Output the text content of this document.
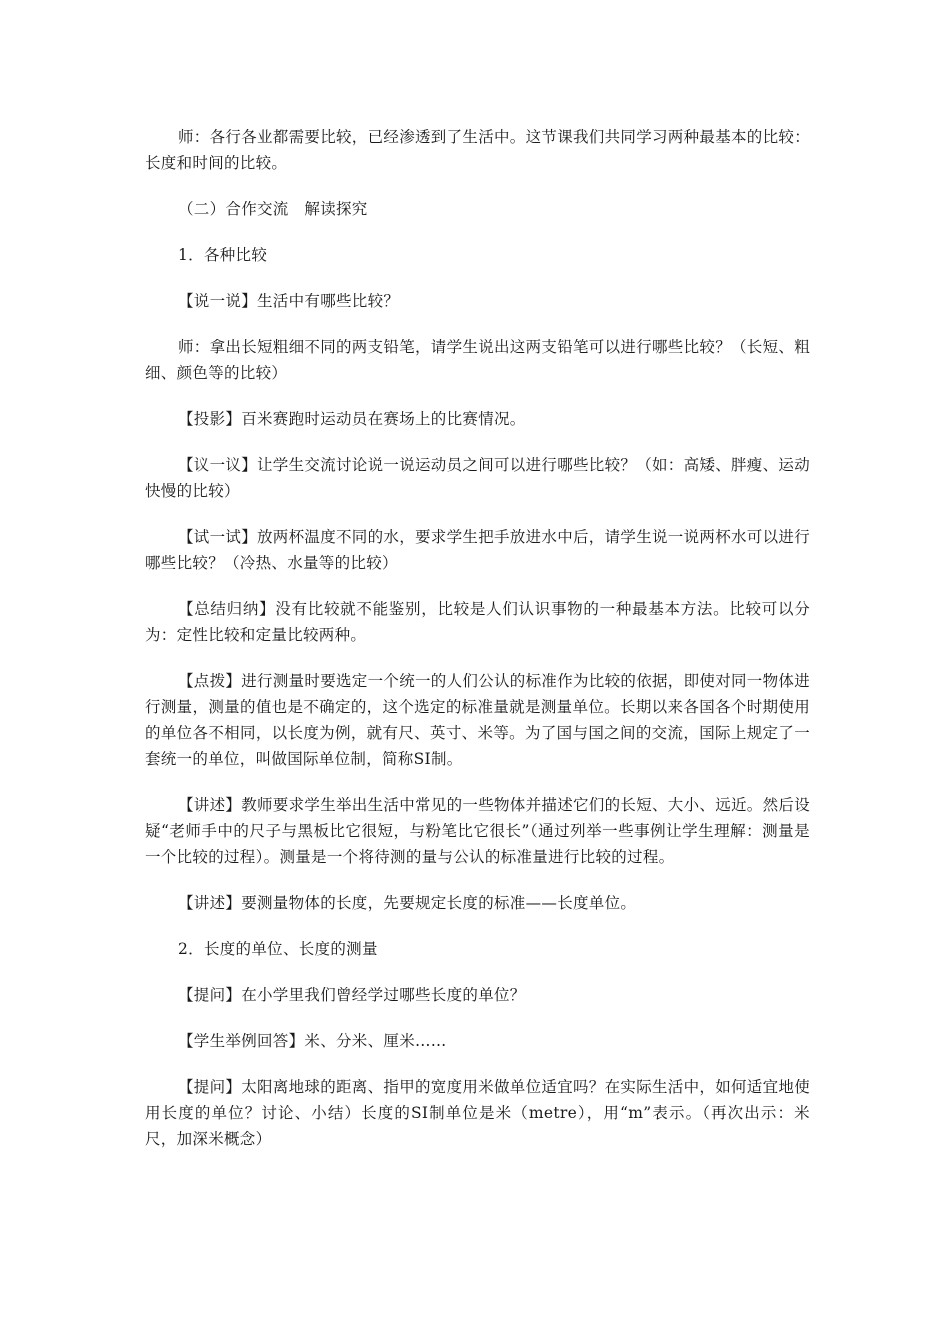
师：各行各业都需要比较，已经渗透到了生活中。这节课我们共同学习两种最基本的比较：长度和时间的比较。

（二）合作交流　解读探究

1．各种比较

【说一说】生活中有哪些比较？

师：拿出长短粗细不同的两支铅笔，请学生说出这两支铅笔可以进行哪些比较？（长短、粗细、颜色等的比较）

【投影】百米赛跑时运动员在赛场上的比赛情况。

【议一议】让学生交流讨论说一说运动员之间可以进行哪些比较？（如：高矮、胖瘦、运动快慢的比较）

【试一试】放两杯温度不同的水，要求学生把手放进水中后，请学生说一说两杯水可以进行哪些比较？（冷热、水量等的比较）

【总结归纳】没有比较就不能鉴别，比较是人们认识事物的一种最基本方法。比较可以分为：定性比较和定量比较两种。

【点拨】进行测量时要选定一个统一的人们公认的标准作为比较的依据，即使对同一物体进行测量，测量的值也是不确定的，这个选定的标准量就是测量单位。长期以来各国各个时期使用的单位各不相同，以长度为例，就有尺、英寸、米等。为了国与国之间的交流，国际上规定了一套统一的单位，叫做国际单位制，简称SI制。

【讲述】教师要求学生举出生活中常见的一些物体并描述它们的长短、大小、远近。然后设疑“老师手中的尺子与黑板比它很短，与粉笔比它很长”（通过列举一些事例让学生理解：测量是一个比较的过程）。测量是一个将待测的量与公认的标准量进行比较的过程。

【讲述】要测量物体的长度，先要规定长度的标准——长度单位。

2．长度的单位、长度的测量

【提问】在小学里我们曾经学过哪些长度的单位？

【学生举例回答】米、分米、厘米……

【提问】太阳离地球的距离、指甲的宽度用米做单位适宜吗？在实际生活中，如何适宜地使用长度的单位？讨论、小结）长度的SI制单位是米（metre），用“m”表示。（再次出示：米尺，加深米概念）
